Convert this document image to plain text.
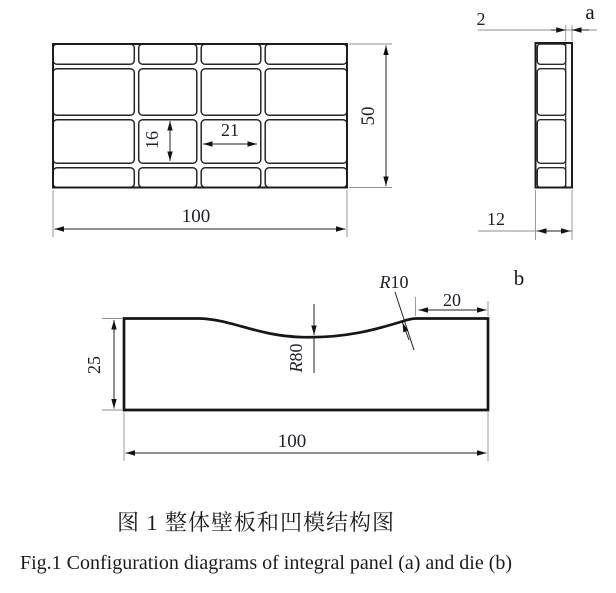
50
100
16	21
2	a
12
25
100
20
R80
R10	b
图 1 整体壁板和凹模结构图
Fig.1 Configuration diagrams of integral panel (a) and die (b)
